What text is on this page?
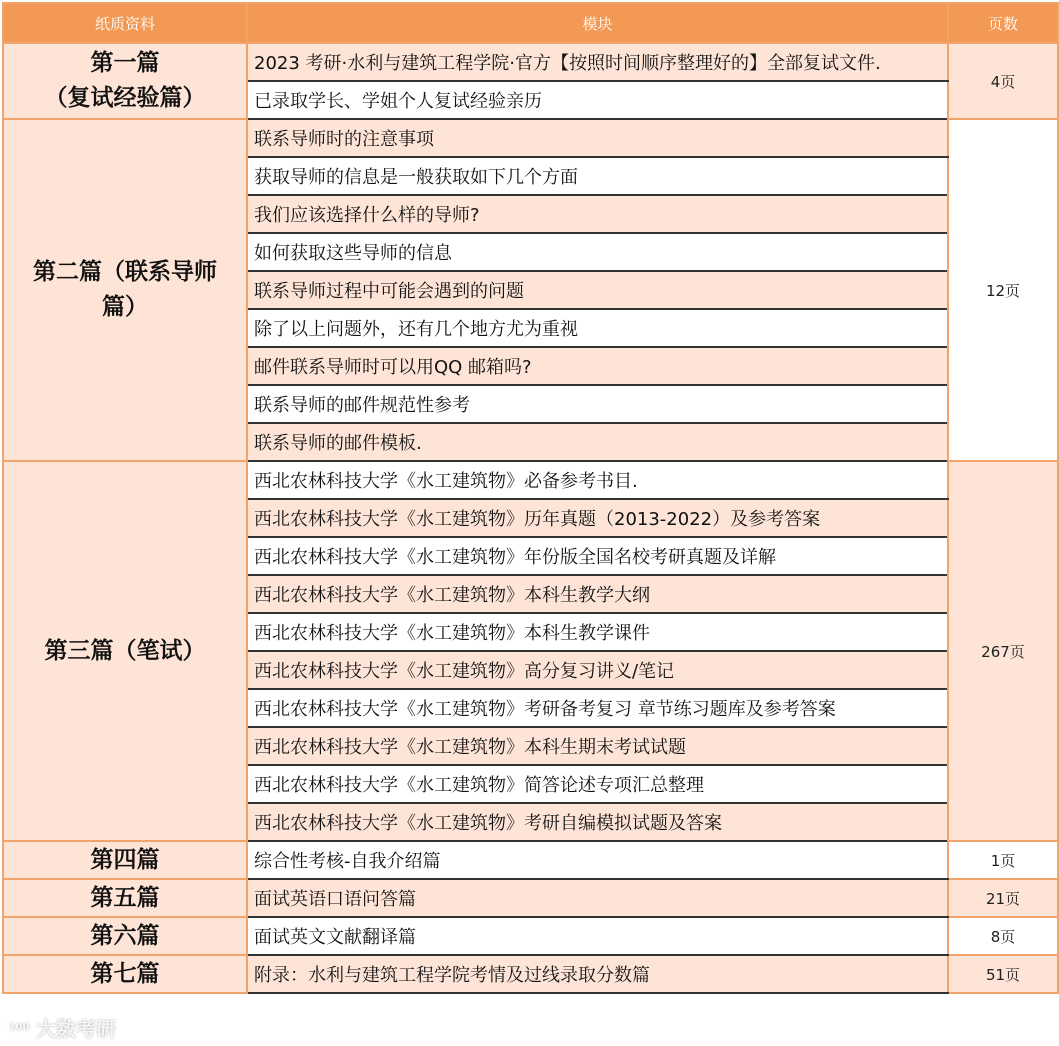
纸质资料	模块	页数

第一篇
（复试经验篇）	2023 考研·水利与建筑工程学院·官方【按照时间顺序整理好的】全部复试文件.	4页
	已录取学长、学姐个人复试经验亲历	

第二篇（联系导师
篇）	联系导师时的注意事项	12页
	获取导师的信息是一般获取如下几个方面	
	我们应该选择什么样的导师?	
	如何获取这些导师的信息	
	联系导师过程中可能会遇到的问题	
	除了以上问题外，还有几个地方尤为重视	
	邮件联系导师时可以用QQ 邮箱吗?	
	联系导师的邮件规范性参考	
	联系导师的邮件模板.	

第三篇（笔试）	西北农林科技大学《水工建筑物》必备参考书目.	267页
	西北农林科技大学《水工建筑物》历年真题（2013-2022）及参考答案	
	西北农林科技大学《水工建筑物》年份版全国名校考研真题及详解	
	西北农林科技大学《水工建筑物》本科生教学大纲	
	西北农林科技大学《水工建筑物》本科生教学课件	
	西北农林科技大学《水工建筑物》高分复习讲义/笔记	
	西北农林科技大学《水工建筑物》考研备考复习 章节练习题库及参考答案	
	西北农林科技大学《水工建筑物》本科生期末考试试题	
	西北农林科技大学《水工建筑物》简答论述专项汇总整理	
	西北农林科技大学《水工建筑物》考研自编模拟试题及答案	
第四篇	综合性考核-自我介绍篇	1页
第五篇	面试英语口语问答篇	21页
第六篇	面试英文文献翻译篇	8页
第七篇	附录：水利与建筑工程学院考情及过线录取分数篇	51页
100 大数考研
